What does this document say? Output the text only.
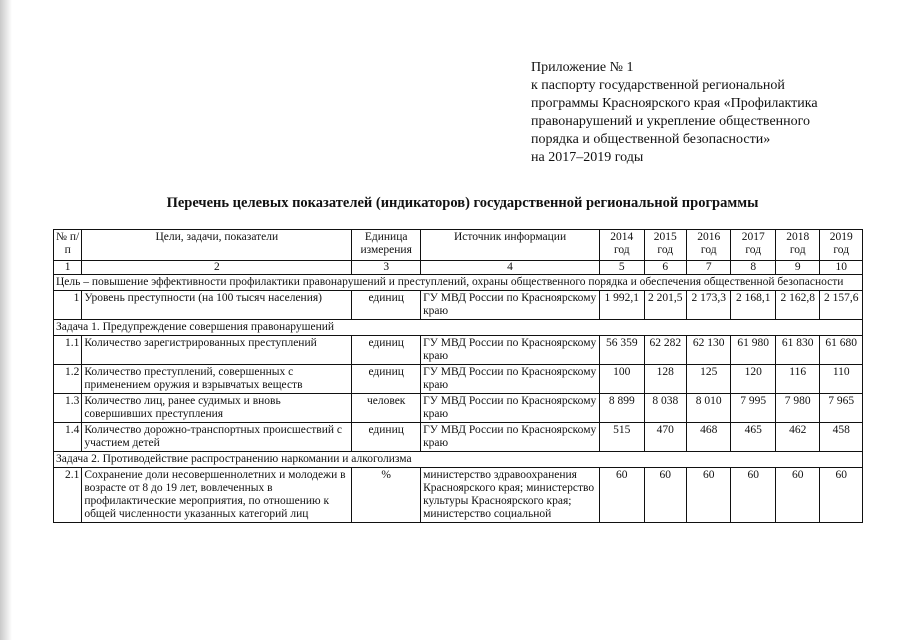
Приложение № 1
к паспорту государственной региональной
программы Красноярского края «Профилактика
правонарушений и укрепление общественного
порядка и общественной безопасности»
на 2017–2019 годы
Перечень целевых показателей (индикаторов) государственной региональной программы
№ п/п	Цели, задачи, показатели	Единица измерения	Источник информации	2014 год	2015 год	2016 год	2017 год	2018 год	2019 год
1	2	3	4	5	6	7	8	9	10
Цель – повышение эффективности профилактики правонарушений и преступлений, охраны общественного порядка и обеспечения общественной безопасности									
1	Уровень преступности (на 100 тысяч населения)	единиц	ГУ МВД России по Красноярскому краю	1 992,1	2 201,5	2 173,3	2 168,1	2 162,8	2 157,6
Задача 1. Предупреждение совершения правонарушений									
1.1	Количество зарегистрированных преступлений	единиц	ГУ МВД России по Красноярскому краю	56 359	62 282	62 130	61 980	61 830	61 680
1.2	Количество преступлений, совершенных с применением оружия и взрывчатых веществ	единиц	ГУ МВД России по Красноярскому краю	100	128	125	120	116	110
1.3	Количество лиц, ранее судимых и вновь совершивших преступления	человек	ГУ МВД России по Красноярскому краю	8 899	8 038	8 010	7 995	7 980	7 965
1.4	Количество дорожно-транспортных происшествий с участием детей	единиц	ГУ МВД России по Красноярскому краю	515	470	468	465	462	458
Задача 2. Противодействие распространению наркомании и алкоголизма									
2.1	Сохранение доли несовершеннолетних и молодежи в возрасте от 8 до 19 лет, вовлеченных в профилактические мероприятия, по отношению к общей численности указанных категорий лиц	%	министерство здравоохранения Красноярского края; министерство культуры Красноярского края; министерство социальной	60	60	60	60	60	60
